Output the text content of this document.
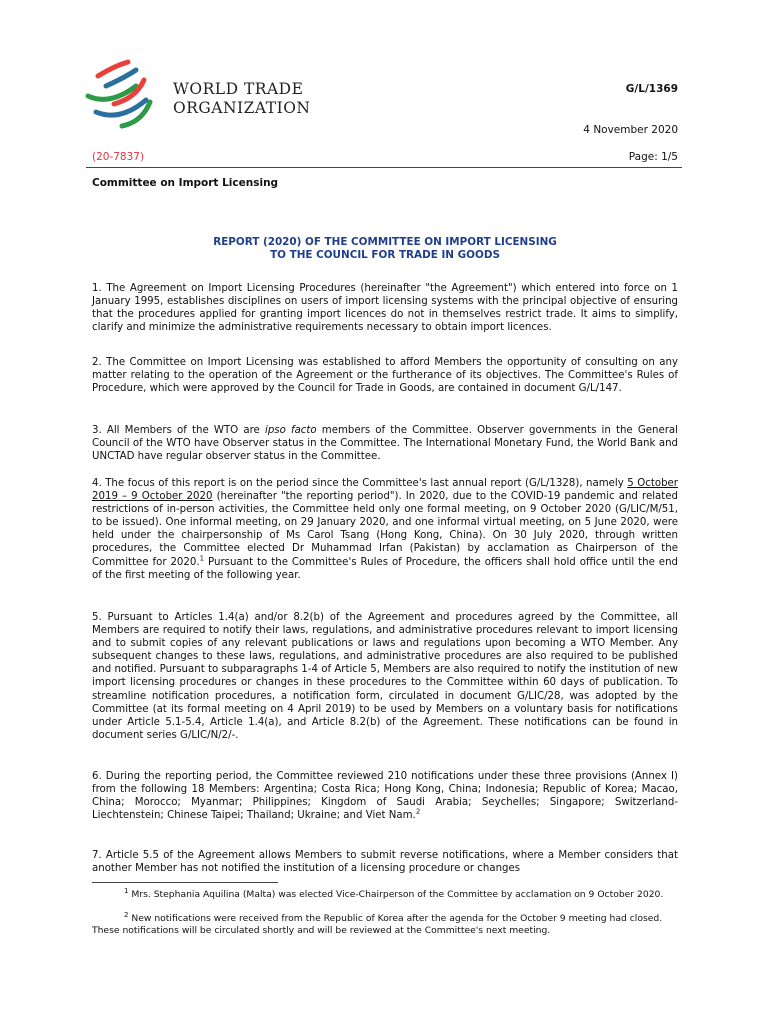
WORLD TRADE
ORGANIZATION
G/L/1369
4 November 2020
(20-7837)	Page: 1/5
Committee on Import Licensing
REPORT (2020) OF THE COMMITTEE ON IMPORT LICENSING
TO THE COUNCIL FOR TRADE IN GOODS
1. The Agreement on Import Licensing Procedures (hereinafter "the Agreement") which entered into force on 1 January 1995, establishes disciplines on users of import licensing systems with the principal objective of ensuring that the procedures applied for granting import licences do not in themselves restrict trade. It aims to simplify, clarify and minimize the administrative requirements necessary to obtain import licences.
2. The Committee on Import Licensing was established to afford Members the opportunity of consulting on any matter relating to the operation of the Agreement or the furtherance of its objectives. The Committee's Rules of Procedure, which were approved by the Council for Trade in Goods, are contained in document G/L/147.
3. All Members of the WTO are ipso facto members of the Committee. Observer governments in the General Council of the WTO have Observer status in the Committee. The International Monetary Fund, the World Bank and UNCTAD have regular observer status in the Committee.
4. The focus of this report is on the period since the Committee's last annual report (G/L/1328), namely 5 October 2019 – 9 October 2020 (hereinafter "the reporting period"). In 2020, due to the COVID-19 pandemic and related restrictions of in-person activities, the Committee held only one formal meeting, on 9 October 2020 (G/LIC/M/51, to be issued). One informal meeting, on 29 January 2020, and one informal virtual meeting, on 5 June 2020, were held under the chairpersonship of Ms Carol Tsang (Hong Kong, China). On 30 July 2020, through written procedures, the Committee elected Dr Muhammad Irfan (Pakistan) by acclamation as Chairperson of the Committee for 2020.$^1$ Pursuant to the Committee's Rules of Procedure, the officers shall hold office until the end of the first meeting of the following year.
5. Pursuant to Articles 1.4(a) and/or 8.2(b) of the Agreement and procedures agreed by the Committee, all Members are required to notify their laws, regulations, and administrative procedures relevant to import licensing and to submit copies of any relevant publications or laws and regulations upon becoming a WTO Member. Any subsequent changes to these laws, regulations, and administrative procedures are also required to be published and notified. Pursuant to subparagraphs 1-4 of Article 5, Members are also required to notify the institution of new import licensing procedures or changes in these procedures to the Committee within 60 days of publication. To streamline notification procedures, a notification form, circulated in document G/LIC/28, was adopted by the Committee (at its formal meeting on 4 April 2019) to be used by Members on a voluntary basis for notifications under Article 5.1-5.4, Article 1.4(a), and Article 8.2(b) of the Agreement. These notifications can be found in document series G/LIC/N/2/-.
6. During the reporting period, the Committee reviewed 210 notifications under these three provisions (Annex I) from the following 18 Members: Argentina; Costa Rica; Hong Kong, China; Indonesia; Republic of Korea; Macao, China; Morocco; Myanmar; Philippines; Kingdom of Saudi Arabia; Seychelles; Singapore; Switzerland-Liechtenstein; Chinese Taipei; Thailand; Ukraine; and Viet Nam.$^2$
7. Article 5.5 of the Agreement allows Members to submit reverse notifications, where a Member considers that another Member has not notified the institution of a licensing procedure or changes
$^1$ Mrs. Stephania Aquilina (Malta) was elected Vice-Chairperson of the Committee by acclamation on 9 October 2020.
$^2$ New notifications were received from the Republic of Korea after the agenda for the October 9 meeting had closed. These notifications will be circulated shortly and will be reviewed at the Committee's next meeting.
